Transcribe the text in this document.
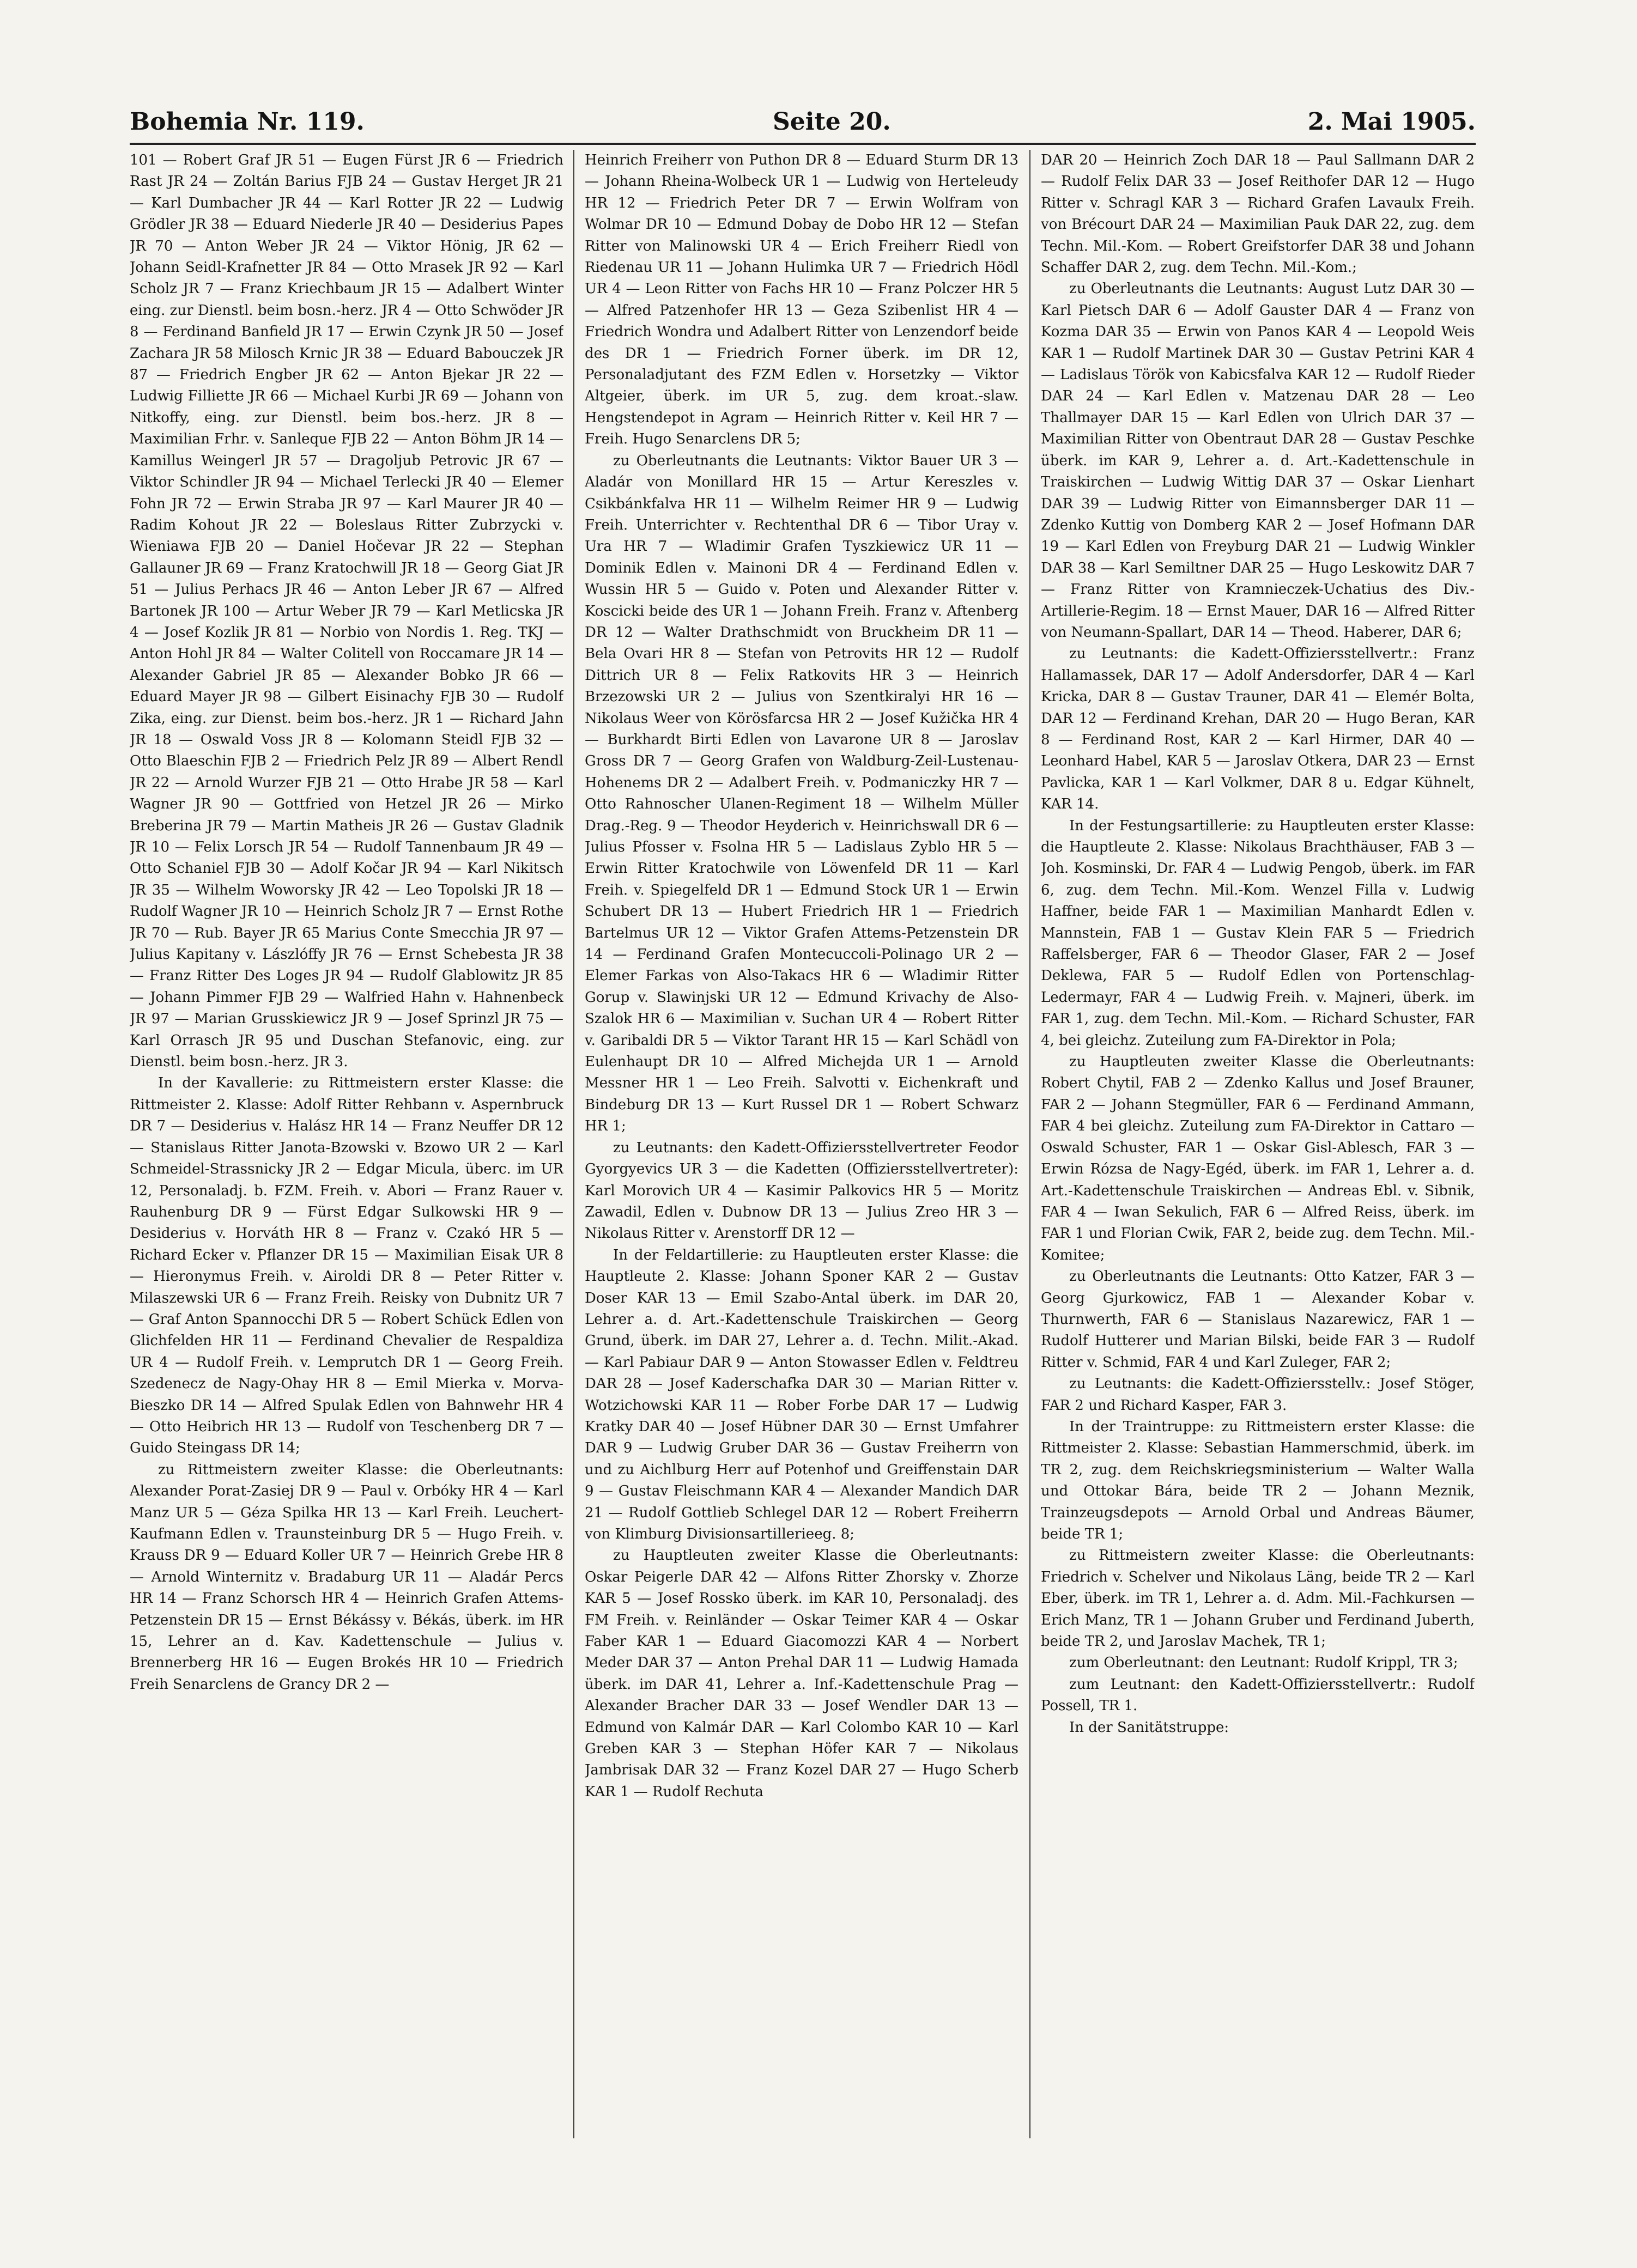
Bohemia Nr. 119.	Seite 20.	2. Mai 1905.

101 — Robert Graf JR 51 — Eugen Fürst JR 6 — Friedrich Rast JR 24 — Zoltán Barius FJB 24 — Gustav Herget JR 21 — Karl Dumbacher JR 44 — Karl Rotter JR 22 — Ludwig Grödler JR 38 — Eduard Niederle JR 40 — Desiderius Papes JR 70 — Anton Weber JR 24 — Viktor Hönig, JR 62 — Johann Seidl-Krafnetter JR 84 — Otto Mrasek JR 92 — Karl Scholz JR 7 — Franz Kriechbaum JR 15 — Adalbert Winter eing. zur Dienstl. beim bosn.-herz. JR 4 — Otto Schwöder JR 8 — Ferdinand Banfield JR 17 — Erwin Czynk JR 50 — Josef Zachara JR 58 Milosch Krnic JR 38 — Eduard Babouczek JR 87 — Friedrich Engber JR 62 — Anton Bjekar JR 22 — Ludwig Filliette JR 66 — Michael Kurbi JR 69 — Johann von Nitkoffy, eing. zur Dienstl. beim bos.-herz. JR 8 — Maximilian Frhr. v. Sanleque FJB 22 — Anton Böhm JR 14 — Kamillus Weingerl JR 57 — Dragoljub Petrovic JR 67 — Viktor Schindler JR 94 — Michael Terlecki JR 40 — Elemer Fohn JR 72 — Erwin Straba JR 97 — Karl Maurer JR 40 — Radim Kohout JR 22 — Boleslaus Ritter Zubrzycki v. Wieniawa FJB 20 — Daniel Hočevar JR 22 — Stephan Gallauner JR 69 — Franz Kratochwill JR 18 — Georg Giat JR 51 — Julius Perhacs JR 46 — Anton Leber JR 67 — Alfred Bartonek JR 100 — Artur Weber JR 79 — Karl Metlicska JR 4 — Josef Kozlik JR 81 — Norbio von Nordis 1. Reg. TKJ — Anton Hohl JR 84 — Walter Colitell von Roccamare JR 14 — Alexander Gabriel JR 85 — Alexander Bobko JR 66 — Eduard Mayer JR 98 — Gilbert Eisinachy FJB 30 — Rudolf Zika, eing. zur Dienst. beim bos.-herz. JR 1 — Richard Jahn JR 18 — Oswald Voss JR 8 — Kolomann Steidl FJB 32 — Otto Blaeschin FJB 2 — Friedrich Pelz JR 89 — Albert Rendl JR 22 — Arnold Wurzer FJB 21 — Otto Hrabe JR 58 — Karl Wagner JR 90 — Gottfried von Hetzel JR 26 — Mirko Breberina JR 79 — Martin Matheis JR 26 — Gustav Gladnik JR 10 — Felix Lorsch JR 54 — Rudolf Tannenbaum JR 49 — Otto Schaniel FJB 30 — Adolf Kočar JR 94 — Karl Nikitsch JR 35 — Wilhelm Woworsky JR 42 — Leo Topolski JR 18 — Rudolf Wagner JR 10 — Heinrich Scholz JR 7 — Ernst Rothe JR 70 — Rub. Bayer JR 65 Marius Conte Smecchia JR 97 — Julius Kapitany v. Lászlóffy JR 76 — Ernst Schebesta JR 38 — Franz Ritter Des Loges JR 94 — Rudolf Glablowitz JR 85 — Johann Pimmer FJB 29 — Walfried Hahn v. Hahnenbeck JR 97 — Marian Grusskiewicz JR 9 — Josef Sprinzl JR 75 — Karl Orrasch JR 95 und Duschan Stefanovic, eing. zur Dienstl. beim bosn.-herz. JR 3.

In der Kavallerie: zu Rittmeistern erster Klasse: die Rittmeister 2. Klasse: Adolf Ritter Rehbann v. Aspernbruck DR 7 — Desiderius v. Halász HR 14 — Franz Neuffer DR 12 — Stanislaus Ritter Janota-Bzowski v. Bzowo UR 2 — Karl Schmeidel-Strassnicky JR 2 — Edgar Micula, überc. im UR 12, Personaladj. b. FZM. Freih. v. Abori — Franz Rauer v. Rauhenburg DR 9 — Fürst Edgar Sulkowski HR 9 — Desiderius v. Horváth HR 8 — Franz v. Czakó HR 5 — Richard Ecker v. Pflanzer DR 15 — Maximilian Eisak UR 8 — Hieronymus Freih. v. Airoldi DR 8 — Peter Ritter v. Milaszewski UR 6 — Franz Freih. Reisky von Dubnitz UR 7 — Graf Anton Spannocchi DR 5 — Robert Schück Edlen von Glichfelden HR 11 — Ferdinand Chevalier de Respaldiza UR 4 — Rudolf Freih. v. Lemprutch DR 1 — Georg Freih. Szedenecz de Nagy-Ohay HR 8 — Emil Mierka v. Morva-Bieszko DR 14 — Alfred Spulak Edlen von Bahnwehr HR 4 — Otto Heibrich HR 13 — Rudolf von Teschenberg DR 7 — Guido Steingass DR 14;

zu Rittmeistern zweiter Klasse: die Oberleutnants: Alexander Porat-Zasiej DR 9 — Paul v. Orbóky HR 4 — Karl Manz UR 5 — Géza Spilka HR 13 — Karl Freih. Leuchert-Kaufmann Edlen v. Traunsteinburg DR 5 — Hugo Freih. v. Krauss DR 9 — Eduard Koller UR 7 — Heinrich Grebe HR 8 — Arnold Winternitz v. Bradaburg UR 11 — Aladár Percs HR 14 — Franz Schorsch HR 4 — Heinrich Grafen Attems-Petzenstein DR 15 — Ernst Békássy v. Békás, überk. im HR 15, Lehrer an d. Kav. Kadettenschule — Julius v. Brennerberg HR 16 — Eugen Brokés HR 10 — Friedrich Freih Senarclens de Grancy DR 2 —

Heinrich Freiherr von Puthon DR 8 — Eduard Sturm DR 13 — Johann Rheina-Wolbeck UR 1 — Ludwig von Herteleudy HR 12 — Friedrich Peter DR 7 — Erwin Wolfram von Wolmar DR 10 — Edmund Dobay de Dobo HR 12 — Stefan Ritter von Malinowski UR 4 — Erich Freiherr Riedl von Riedenau UR 11 — Johann Hulimka UR 7 — Friedrich Hödl UR 4 — Leon Ritter von Fachs HR 10 — Franz Polczer HR 5 — Alfred Patzenhofer HR 13 — Geza Szibenlist HR 4 — Friedrich Wondra und Adalbert Ritter von Lenzendorf beide des DR 1 — Friedrich Forner überk. im DR 12, Personaladjutant des FZM Edlen v. Horsetzky — Viktor Altgeier, überk. im UR 5, zug. dem kroat.-slaw. Hengstendepot in Agram — Heinrich Ritter v. Keil HR 7 — Freih. Hugo Senarclens DR 5;

zu Oberleutnants die Leutnants: Viktor Bauer UR 3 — Aladár von Monillard HR 15 — Artur Kereszles v. Csikbánkfalva HR 11 — Wilhelm Reimer HR 9 — Ludwig Freih. Unterrichter v. Rechtenthal DR 6 — Tibor Uray v. Ura HR 7 — Wladimir Grafen Tyszkiewicz UR 11 — Dominik Edlen v. Mainoni DR 4 — Ferdinand Edlen v. Wussin HR 5 — Guido v. Poten und Alexander Ritter v. Koscicki beide des UR 1 — Johann Freih. Franz v. Aftenberg DR 12 — Walter Drathschmidt von Bruckheim DR 11 — Bela Ovari HR 8 — Stefan von Petrovits HR 12 — Rudolf Dittrich UR 8 — Felix Ratkovits HR 3 — Heinrich Brzezowski UR 2 — Julius von Szentkiralyi HR 16 — Nikolaus Weer von Körösfarcsa HR 2 — Josef Kužička HR 4 — Burkhardt Birti Edlen von Lavarone UR 8 — Jaroslav Gross DR 7 — Georg Grafen von Waldburg-Zeil-Lustenau-Hohenems DR 2 — Adalbert Freih. v. Podmaniczky HR 7 — Otto Rahnoscher Ulanen-Regiment 18 — Wilhelm Müller Drag.-Reg. 9 — Theodor Heyderich v. Heinrichswall DR 6 — Julius Pfosser v. Fsolna HR 5 — Ladislaus Zyblo HR 5 — Erwin Ritter Kratochwile von Löwenfeld DR 11 — Karl Freih. v. Spiegelfeld DR 1 — Edmund Stock UR 1 — Erwin Schubert DR 13 — Hubert Friedrich HR 1 — Friedrich Bartelmus UR 12 — Viktor Grafen Attems-Petzenstein DR 14 — Ferdinand Grafen Montecuccoli-Polinago UR 2 — Elemer Farkas von Also-Takacs HR 6 — Wladimir Ritter Gorup v. Slawinjski UR 12 — Edmund Krivachy de Also-Szalok HR 6 — Maximilian v. Suchan UR 4 — Robert Ritter v. Garibaldi DR 5 — Viktor Tarant HR 15 — Karl Schädl von Eulenhaupt DR 10 — Alfred Michejda UR 1 — Arnold Messner HR 1 — Leo Freih. Salvotti v. Eichenkraft und Bindeburg DR 13 — Kurt Russel DR 1 — Robert Schwarz HR 1;

zu Leutnants: den Kadett-Offiziersstellvertreter Feodor Gyorgyevics UR 3 — die Kadetten (Offiziersstellvertreter): Karl Morovich UR 4 — Kasimir Palkovics HR 5 — Moritz Zawadil, Edlen v. Dubnow DR 13 — Julius Zreo HR 3 — Nikolaus Ritter v. Arenstorff DR 12 —

In der Feldartillerie: zu Hauptleuten erster Klasse: die Hauptleute 2. Klasse: Johann Sponer KAR 2 — Gustav Doser KAR 13 — Emil Szabo-Antal überk. im DAR 20, Lehrer a. d. Art.-Kadettenschule Traiskirchen — Georg Grund, überk. im DAR 27, Lehrer a. d. Techn. Milit.-Akad. — Karl Pabiaur DAR 9 — Anton Stowasser Edlen v. Feldtreu DAR 28 — Josef Kaderschafka DAR 30 — Marian Ritter v. Wotzichowski KAR 11 — Rober Forbe DAR 17 — Ludwig Kratky DAR 40 — Josef Hübner DAR 30 — Ernst Umfahrer DAR 9 — Ludwig Gruber DAR 36 — Gustav Freiherrn von und zu Aichlburg Herr auf Potenhof und Greiffenstain DAR 9 — Gustav Fleischmann KAR 4 — Alexander Mandich DAR 21 — Rudolf Gottlieb Schlegel DAR 12 — Robert Freiherrn von Klimburg Divisionsartillerieeg. 8;

zu Hauptleuten zweiter Klasse die Oberleutnants: Oskar Peigerle DAR 42 — Alfons Ritter Zhorsky v. Zhorze KAR 5 — Josef Rossko überk. im KAR 10, Personaladj. des FM Freih. v. Reinländer — Oskar Teimer KAR 4 — Oskar Faber KAR 1 — Eduard Giacomozzi KAR 4 — Norbert Meder DAR 37 — Anton Prehal DAR 11 — Ludwig Hamada überk. im DAR 41, Lehrer a. Inf.-Kadettenschule Prag — Alexander Bracher DAR 33 — Josef Wendler DAR 13 — Edmund von Kalmár DAR — Karl Colombo KAR 10 — Karl Greben KAR 3 — Stephan Höfer KAR 7 — Nikolaus Jambrisak DAR 32 — Franz Kozel DAR 27 — Hugo Scherb KAR 1 — Rudolf Rechuta

DAR 20 — Heinrich Zoch DAR 18 — Paul Sallmann DAR 2 — Rudolf Felix DAR 33 — Josef Reithofer DAR 12 — Hugo Ritter v. Schragl KAR 3 — Richard Grafen Lavaulx Freih. von Brécourt DAR 24 — Maximilian Pauk DAR 22, zug. dem Techn. Mil.-Kom. — Robert Greifstorfer DAR 38 und Johann Schaffer DAR 2, zug. dem Techn. Mil.-Kom.;

zu Oberleutnants die Leutnants: August Lutz DAR 30 — Karl Pietsch DAR 6 — Adolf Gauster DAR 4 — Franz von Kozma DAR 35 — Erwin von Panos KAR 4 — Leopold Weis KAR 1 — Rudolf Martinek DAR 30 — Gustav Petrini KAR 4 — Ladislaus Török von Kabicsfalva KAR 12 — Rudolf Rieder DAR 24 — Karl Edlen v. Matzenau DAR 28 — Leo Thallmayer DAR 15 — Karl Edlen von Ulrich DAR 37 — Maximilian Ritter von Obentraut DAR 28 — Gustav Peschke überk. im KAR 9, Lehrer a. d. Art.-Kadettenschule in Traiskirchen — Ludwig Wittig DAR 37 — Oskar Lienhart DAR 39 — Ludwig Ritter von Eimannsberger DAR 11 — Zdenko Kuttig von Domberg KAR 2 — Josef Hofmann DAR 19 — Karl Edlen von Freyburg DAR 21 — Ludwig Winkler DAR 38 — Karl Semiltner DAR 25 — Hugo Leskowitz DAR 7 — Franz Ritter von Kramnieczek-Uchatius des Div.-Artillerie-Regim. 18 — Ernst Mauer, DAR 16 — Alfred Ritter von Neumann-Spallart, DAR 14 — Theod. Haberer, DAR 6;

zu Leutnants: die Kadett-Offiziersstellvertr.: Franz Hallamassek, DAR 17 — Adolf Andersdorfer, DAR 4 — Karl Kricka, DAR 8 — Gustav Trauner, DAR 41 — Elemér Bolta, DAR 12 — Ferdinand Krehan, DAR 20 — Hugo Beran, KAR 8 — Ferdinand Rost, KAR 2 — Karl Hirmer, DAR 40 — Leonhard Habel, KAR 5 — Jaroslav Otkera, DAR 23 — Ernst Pavlicka, KAR 1 — Karl Volkmer, DAR 8 u. Edgar Kühnelt, KAR 14.

In der Festungsartillerie: zu Hauptleuten erster Klasse: die Hauptleute 2. Klasse: Nikolaus Brachthäuser, FAB 3 — Joh. Kosminski, Dr. FAR 4 — Ludwig Pengob, überk. im FAR 6, zug. dem Techn. Mil.-Kom. Wenzel Filla v. Ludwig Haffner, beide FAR 1 — Maximilian Manhardt Edlen v. Mannstein, FAB 1 — Gustav Klein FAR 5 — Friedrich Raffelsberger, FAR 6 — Theodor Glaser, FAR 2 — Josef Deklewa, FAR 5 — Rudolf Edlen von Portenschlag-Ledermayr, FAR 4 — Ludwig Freih. v. Majneri, überk. im FAR 1, zug. dem Techn. Mil.-Kom. — Richard Schuster, FAR 4, bei gleichz. Zuteilung zum FA-Direktor in Pola;

zu Hauptleuten zweiter Klasse die Oberleutnants: Robert Chytil, FAB 2 — Zdenko Kallus und Josef Brauner, FAR 2 — Johann Stegmüller, FAR 6 — Ferdinand Ammann, FAR 4 bei gleichz. Zuteilung zum FA-Direktor in Cattaro — Oswald Schuster, FAR 1 — Oskar Gisl-Ablesch, FAR 3 — Erwin Rózsa de Nagy-Egéd, überk. im FAR 1, Lehrer a. d. Art.-Kadettenschule Traiskirchen — Andreas Ebl. v. Sibnik, FAR 4 — Iwan Sekulich, FAR 6 — Alfred Reiss, überk. im FAR 1 und Florian Cwik, FAR 2, beide zug. dem Techn. Mil.-Komitee;

zu Oberleutnants die Leutnants: Otto Katzer, FAR 3 — Georg Gjurkowicz, FAB 1 — Alexander Kobar v. Thurnwerth, FAR 6 — Stanislaus Nazarewicz, FAR 1 — Rudolf Hutterer und Marian Bilski, beide FAR 3 — Rudolf Ritter v. Schmid, FAR 4 und Karl Zuleger, FAR 2;

zu Leutnants: die Kadett-Offiziersstellv.: Josef Stöger, FAR 2 und Richard Kasper, FAR 3.

In der Traintruppe: zu Rittmeistern erster Klasse: die Rittmeister 2. Klasse: Sebastian Hammerschmid, überk. im TR 2, zug. dem Reichskriegsministerium — Walter Walla und Ottokar Bára, beide TR 2 — Johann Meznik, Trainzeugsdepots — Arnold Orbal und Andreas Bäumer, beide TR 1;

zu Rittmeistern zweiter Klasse: die Oberleutnants: Friedrich v. Schelver und Nikolaus Läng, beide TR 2 — Karl Eber, überk. im TR 1, Lehrer a. d. Adm. Mil.-Fachkursen — Erich Manz, TR 1 — Johann Gruber und Ferdinand Juberth, beide TR 2, und Jaroslav Machek, TR 1;

zum Oberleutnant: den Leutnant: Rudolf Krippl, TR 3;

zum Leutnant: den Kadett-Offiziersstellvertr.: Rudolf Possell, TR 1.

In der Sanitätstruppe:
